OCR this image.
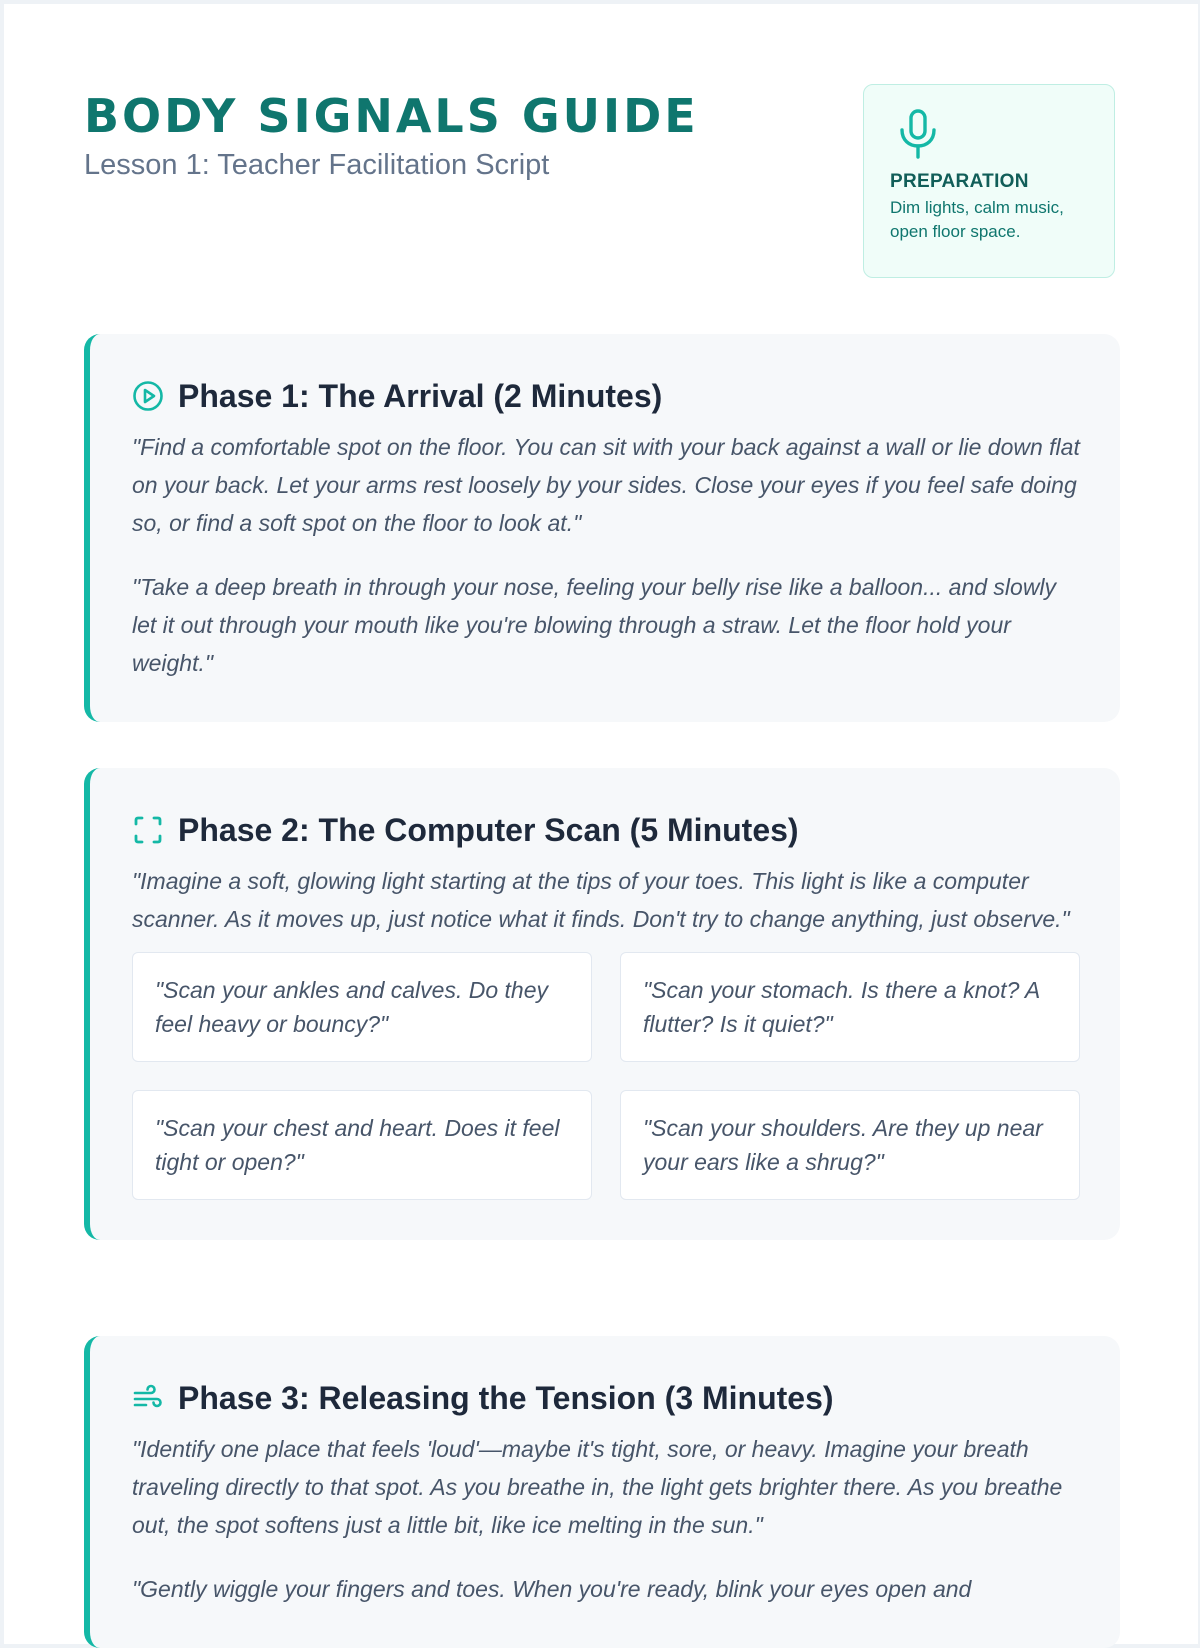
BODY SIGNALS GUIDE

Lesson 1: Teacher Facilitation Script

PREPARATION
Dim lights, calm music, open floor space.
Phase 1: The Arrival (2 Minutes)

"Find a comfortable spot on the floor. You can sit with your back against a wall or lie down flat on your back. Let your arms rest loosely by your sides. Close your eyes if you feel safe doing so, or find a soft spot on the floor to look at."

"Take a deep breath in through your nose, feeling your belly rise like a balloon... and slowly let it out through your mouth like you're blowing through a straw. Let the floor hold your weight."

Phase 2: The Computer Scan (5 Minutes)

"Imagine a soft, glowing light starting at the tips of your toes. This light is like a computer scanner. As it moves up, just notice what it finds. Don't try to change anything, just observe."

"Scan your ankles and calves. Do they feel heavy or bouncy?"
"Scan your stomach. Is there a knot? A flutter? Is it quiet?"
"Scan your chest and heart. Does it feel tight or open?"
"Scan your shoulders. Are they up near your ears like a shrug?"
Phase 3: Releasing the Tension (3 Minutes)

"Identify one place that feels 'loud'—maybe it's tight, sore, or heavy. Imagine your breath traveling directly to that spot. As you breathe in, the light gets brighter there. As you breathe out, the spot softens just a little bit, like ice melting in the sun."

"Gently wiggle your fingers and toes. When you're ready, blink your eyes open and
